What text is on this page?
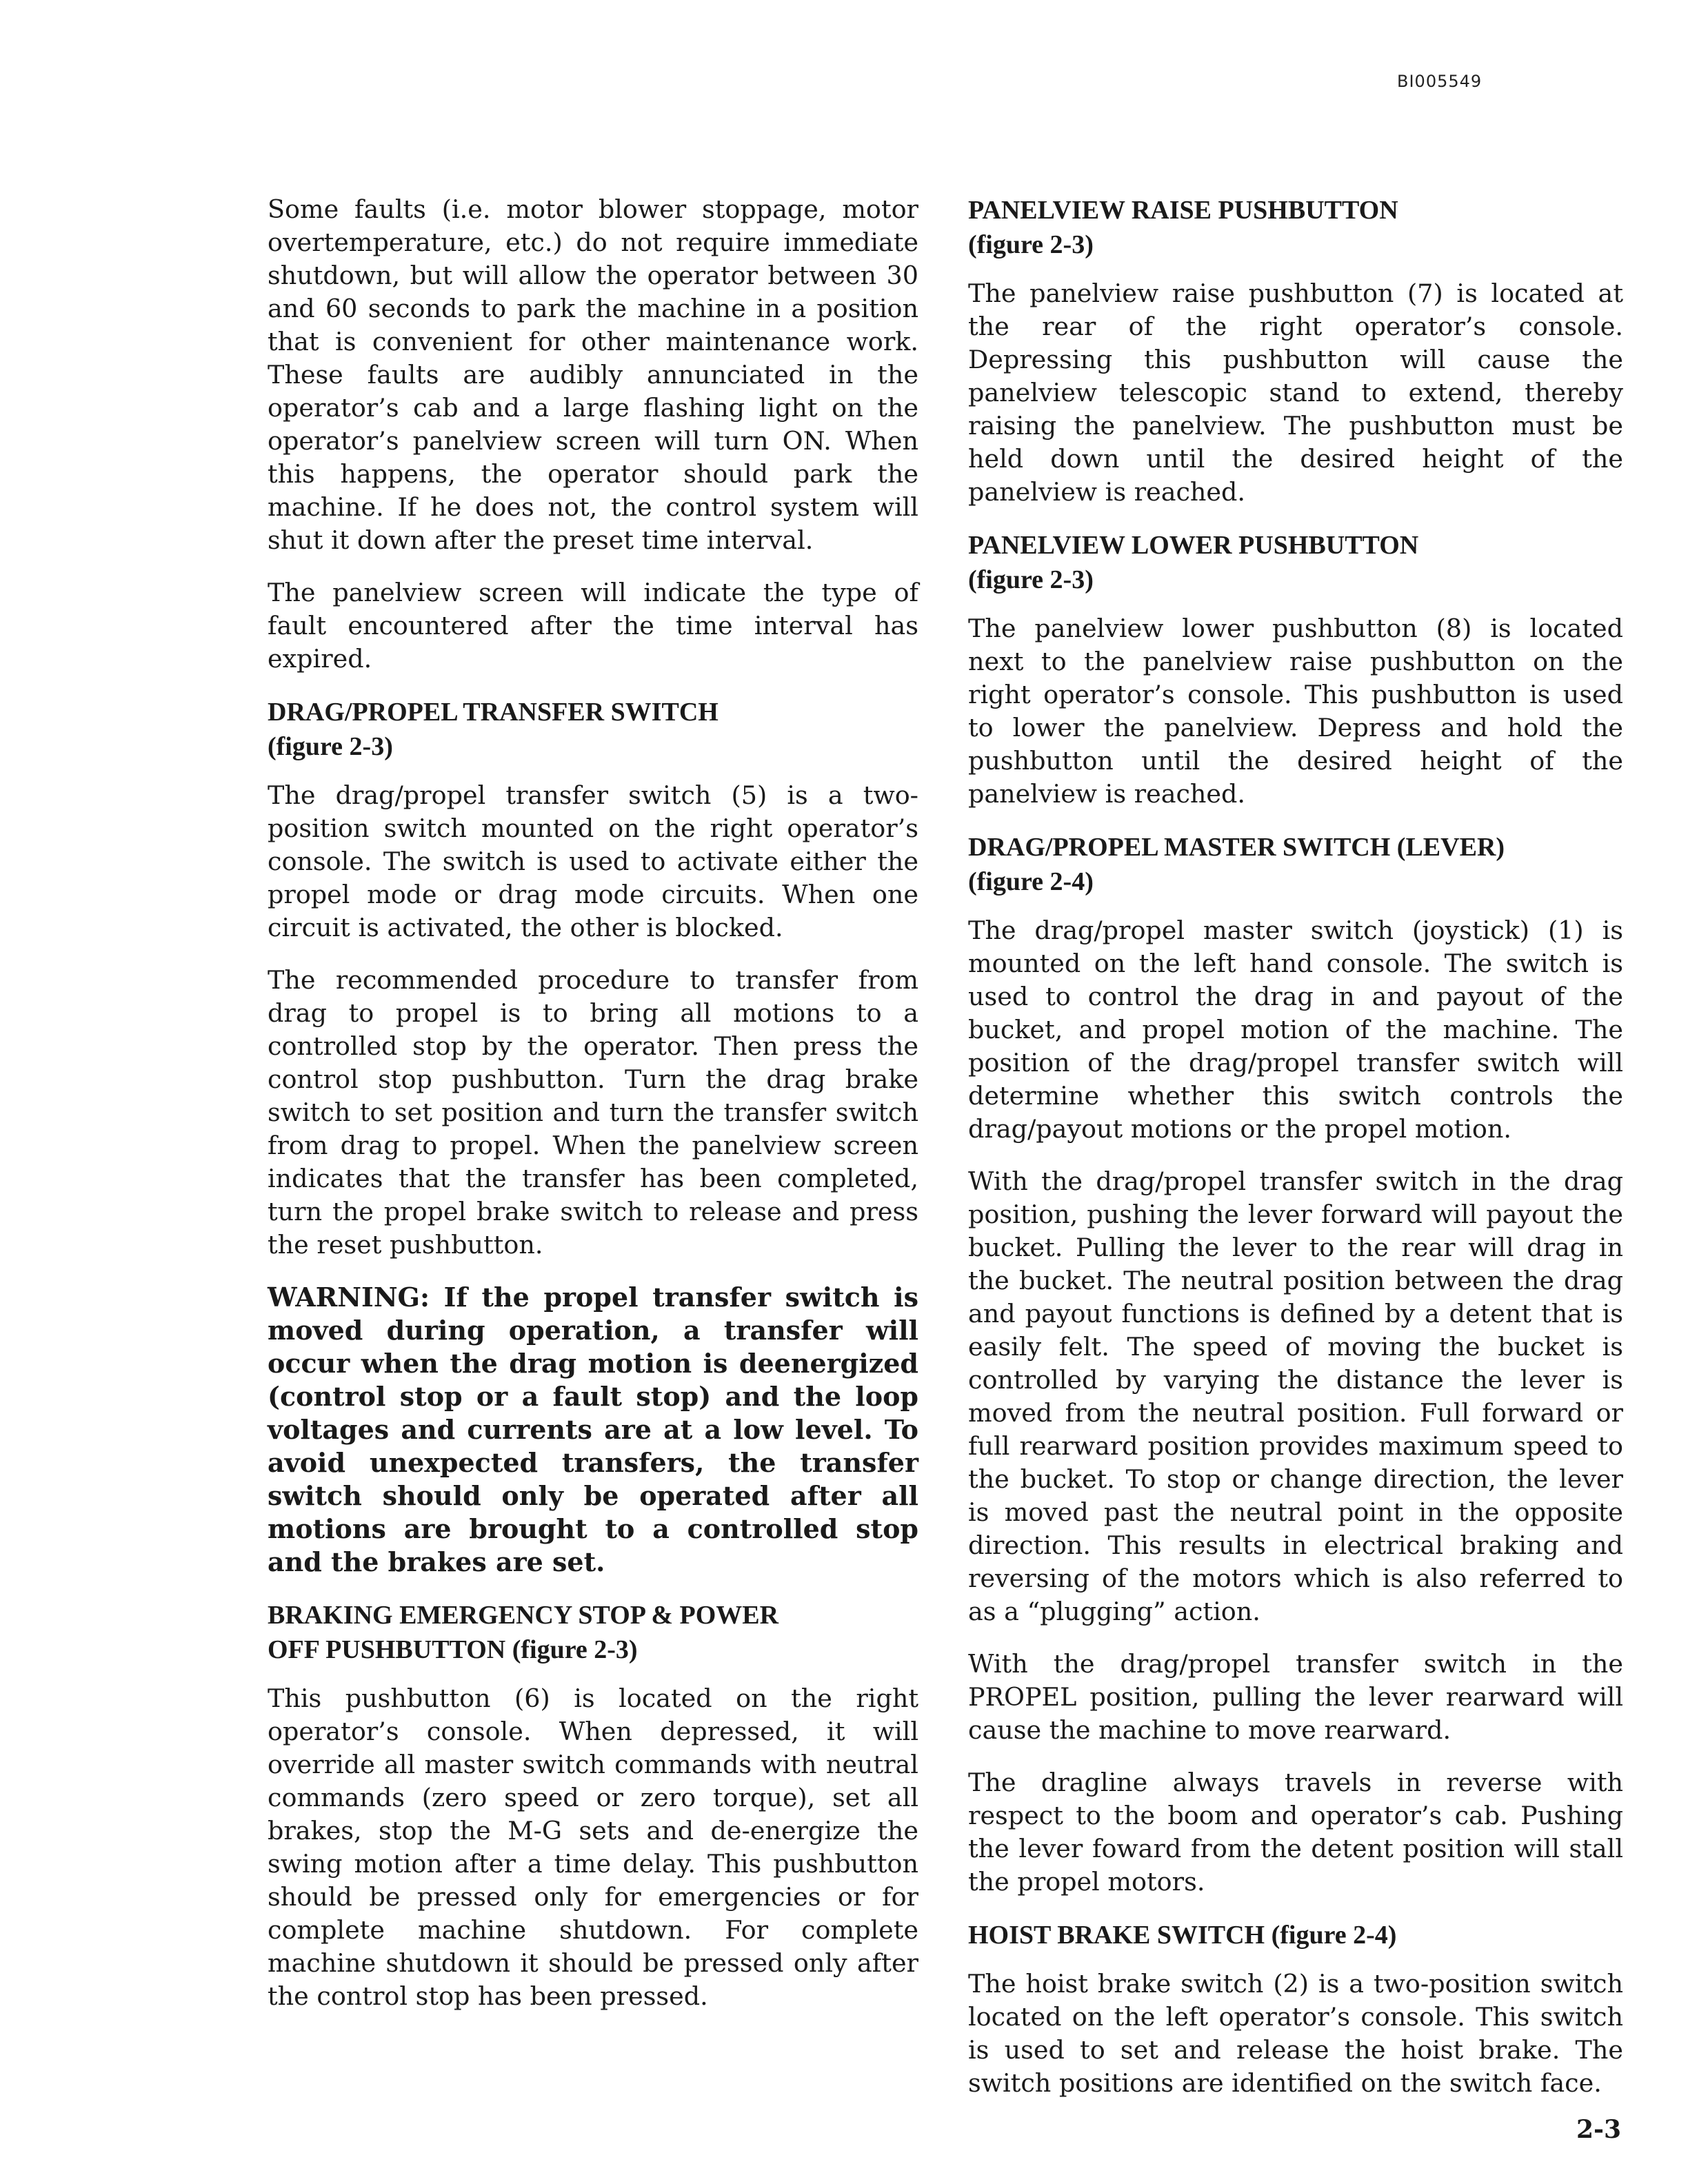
BI005549

Some faults (i.e. motor blower stoppage, motor overtemperature, etc.) do not require immediate shutdown, but will allow the operator between 30 and 60 seconds to park the machine in a position that is convenient for other maintenance work. These faults are audibly annunciated in the operator’s cab and a large flashing light on the operator’s panelview screen will turn ON. When this happens, the operator should park the machine. If he does not, the control system will shut it down after the preset time interval.

The panelview screen will indicate the type of fault encountered after the time interval has expired.

DRAG/PROPEL TRANSFER SWITCH
(figure 2-3)

The drag/propel transfer switch (5) is a two-position switch mounted on the right operator’s console. The switch is used to activate either the propel mode or drag mode circuits. When one circuit is activated, the other is blocked.

The recommended procedure to transfer from drag to propel is to bring all motions to a controlled stop by the operator. Then press the control stop pushbutton. Turn the drag brake switch to set position and turn the transfer switch from drag to propel. When the panelview screen indicates that the transfer has been completed, turn the propel brake switch to release and press the reset pushbutton.

WARNING: If the propel transfer switch is moved during operation, a transfer will occur when the drag motion is deenergized (control stop or a fault stop) and the loop voltages and currents are at a low level. To avoid unexpected transfers, the transfer switch should only be operated after all motions are brought to a controlled stop and the brakes are set.

BRAKING EMERGENCY STOP & POWER
OFF PUSHBUTTON (figure 2-3)

This pushbutton (6) is located on the right operator’s console. When depressed, it will override all master switch commands with neutral commands (zero speed or zero torque), set all brakes, stop the M-G sets and de-energize the swing motion after a time delay. This pushbutton should be pressed only for emergencies or for complete machine shutdown. For complete machine shutdown it should be pressed only after the control stop has been pressed.

PANELVIEW RAISE PUSHBUTTON
(figure 2-3)

The panelview raise pushbutton (7) is located at the rear of the right operator’s console. Depressing this pushbutton will cause the panelview telescopic stand to extend, thereby raising the panelview. The pushbutton must be held down until the desired height of the panelview is reached.

PANELVIEW LOWER PUSHBUTTON
(figure 2-3)

The panelview lower pushbutton (8) is located next to the panelview raise pushbutton on the right operator’s console. This pushbutton is used to lower the panelview. Depress and hold the pushbutton until the desired height of the panelview is reached.

DRAG/PROPEL MASTER SWITCH (LEVER)
(figure 2-4)

The drag/propel master switch (joystick) (1) is mounted on the left hand console. The switch is used to control the drag in and payout of the bucket, and propel motion of the machine. The position of the drag/propel transfer switch will determine whether this switch controls the drag/payout motions or the propel motion.

With the drag/propel transfer switch in the drag position, pushing the lever forward will payout the bucket. Pulling the lever to the rear will drag in the bucket. The neutral position between the drag and payout functions is defined by a detent that is easily felt. The speed of moving the bucket is controlled by varying the distance the lever is moved from the neutral position. Full forward or full rearward position provides maximum speed to the bucket. To stop or change direction, the lever is moved past the neutral point in the opposite direction. This results in electrical braking and reversing of the motors which is also referred to as a “plugging” action.

With the drag/propel transfer switch in the PROPEL position, pulling the lever rearward will cause the machine to move rearward.

The dragline always travels in reverse with respect to the boom and operator’s cab. Pushing the lever foward from the detent position will stall the propel motors.

HOIST BRAKE SWITCH (figure 2-4)

The hoist brake switch (2) is a two-position switch located on the left operator’s console. This switch is used to set and release the hoist brake. The switch positions are identified on the switch face.

2-3
